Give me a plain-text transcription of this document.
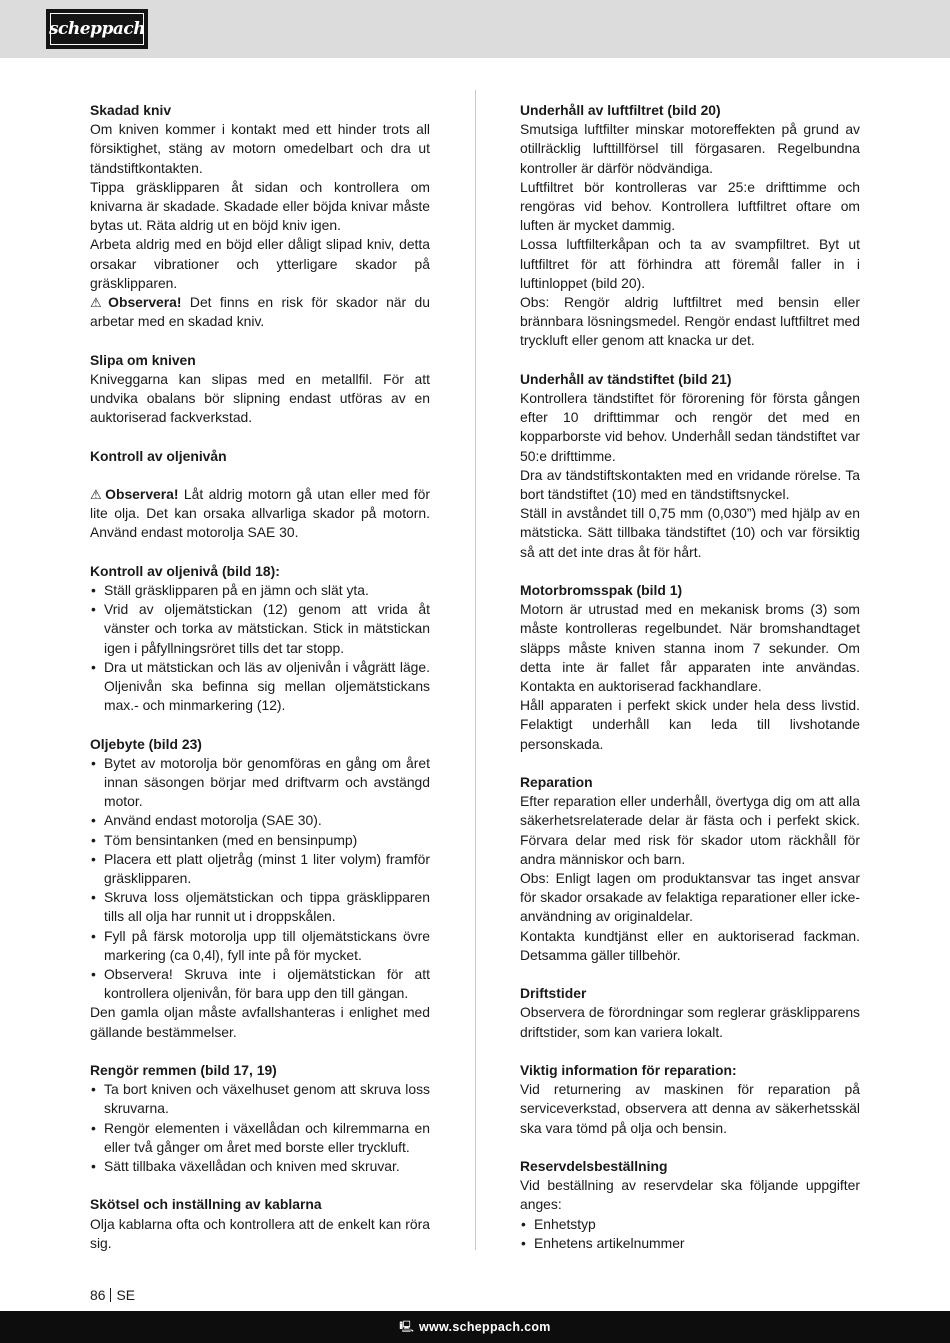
scheppach
Skadad kniv

Om kniven kommer i kontakt med ett hinder trots all försiktighet, stäng av motorn omedelbart och dra ut tändstiftkontakten.

Tippa gräsklipparen åt sidan och kontrollera om knivarna är skadade. Skadade eller böjda knivar måste bytas ut. Räta aldrig ut en böjd kniv igen.

Arbeta aldrig med en böjd eller dåligt slipad kniv, detta orsakar vibrationer och ytterligare skador på gräsklipparen.

⚠ Observera! Det finns en risk för skador när du arbetar med en skadad kniv.

Slipa om kniven

Kniveggarna kan slipas med en metallfil. För att undvika obalans bör slipning endast utföras av en auktoriserad fackverkstad.

Kontroll av oljenivån

⚠ Observera! Låt aldrig motorn gå utan eller med för lite olja. Det kan orsaka allvarliga skador på motorn. Använd endast motorolja SAE 30.

Kontroll av oljenivå (bild 18):
• Ställ gräsklipparen på en jämn och slät yta.
• Vrid av oljemätstickan (12) genom att vrida åt vänster och torka av mätstickan. Stick in mätstickan igen i påfyllningsröret tills det tar stopp.
• Dra ut mätstickan och läs av oljenivån i vågrätt läge. Oljenivån ska befinna sig mellan oljemätstickans max.- och minmarkering (12).
Oljebyte (bild 23)
• Bytet av motorolja bör genomföras en gång om året innan säsongen börjar med driftvarm och avstängd motor.
• Använd endast motorolja (SAE 30).
• Töm bensintanken (med en bensinpump)
• Placera ett platt oljetråg (minst 1 liter volym) framför gräsklipparen.
• Skruva loss oljemätstickan och tippa gräsklipparen tills all olja har runnit ut i droppskålen.
• Fyll på färsk motorolja upp till oljemätstickans övre markering (ca 0,4l), fyll inte på för mycket.
• Observera! Skruva inte i oljemätstickan för att kontrollera oljenivån, för bara upp den till gängan.

Den gamla oljan måste avfallshanteras i enlighet med gällande bestämmelser.

Rengör remmen (bild 17, 19)
• Ta bort kniven och växelhuset genom att skruva loss skruvarna.
• Rengör elementen i växellådan och kilremmarna en eller två gånger om året med borste eller tryckluft.
• Sätt tillbaka växellådan och kniven med skruvar.
Skötsel och inställning av kablarna

Olja kablarna ofta och kontrollera att de enkelt kan röra sig.

Underhåll av luftfiltret (bild 20)

Smutsiga luftfilter minskar motoreffekten på grund av otillräcklig lufttillförsel till förgasaren. Regelbundna kontroller är därför nödvändiga.

Luftfiltret bör kontrolleras var 25:e drifttimme och rengöras vid behov. Kontrollera luftfiltret oftare om luften är mycket dammig.

Lossa luftfilterkåpan och ta av svampfiltret. Byt ut luftfiltret för att förhindra att föremål faller in i luftinloppet (bild 20).

Obs: Rengör aldrig luftfiltret med bensin eller brännbara lösningsmedel. Rengör endast luftfiltret med tryckluft eller genom att knacka ur det.

Underhåll av tändstiftet (bild 21)

Kontrollera tändstiftet för förorening för första gången efter 10 drifttimmar och rengör det med en kopparborste vid behov. Underhåll sedan tändstiftet var 50:e drifttimme.

Dra av tändstiftskontakten med en vridande rörelse. Ta bort tändstiftet (10) med en tändstiftsnyckel.

Ställ in avståndet till 0,75 mm (0,030”) med hjälp av en mätsticka. Sätt tillbaka tändstiftet (10) och var försiktig så att det inte dras åt för hårt.

Motorbromsspak (bild 1)

Motorn är utrustad med en mekanisk broms (3) som måste kontrolleras regelbundet. När bromshandtaget släpps måste kniven stanna inom 7 sekunder. Om detta inte är fallet får apparaten inte användas. Kontakta en auktoriserad fackhandlare.

Håll apparaten i perfekt skick under hela dess livstid. Felaktigt underhåll kan leda till livshotande personskada.

Reparation

Efter reparation eller underhåll, övertyga dig om att alla säkerhetsrelaterade delar är fästa och i perfekt skick. Förvara delar med risk för skador utom räckhåll för andra människor och barn.

Obs: Enligt lagen om produktansvar tas inget ansvar för skador orsakade av felaktiga reparationer eller icke-användning av originaldelar.

Kontakta kundtjänst eller en auktoriserad fackman. Detsamma gäller tillbehör.

Driftstider

Observera de förordningar som reglerar gräsklipparens driftstider, som kan variera lokalt.

Viktig information för reparation:

Vid returnering av maskinen för reparation på serviceverkstad, observera att denna av säkerhetsskäl ska vara tömd på olja och bensin.

Reservdelsbeställning

Vid beställning av reservdelar ska följande uppgifter anges:

• Enhetstyp
• Enhetens artikelnummer
86 SE
🖳 www.scheppach.com
